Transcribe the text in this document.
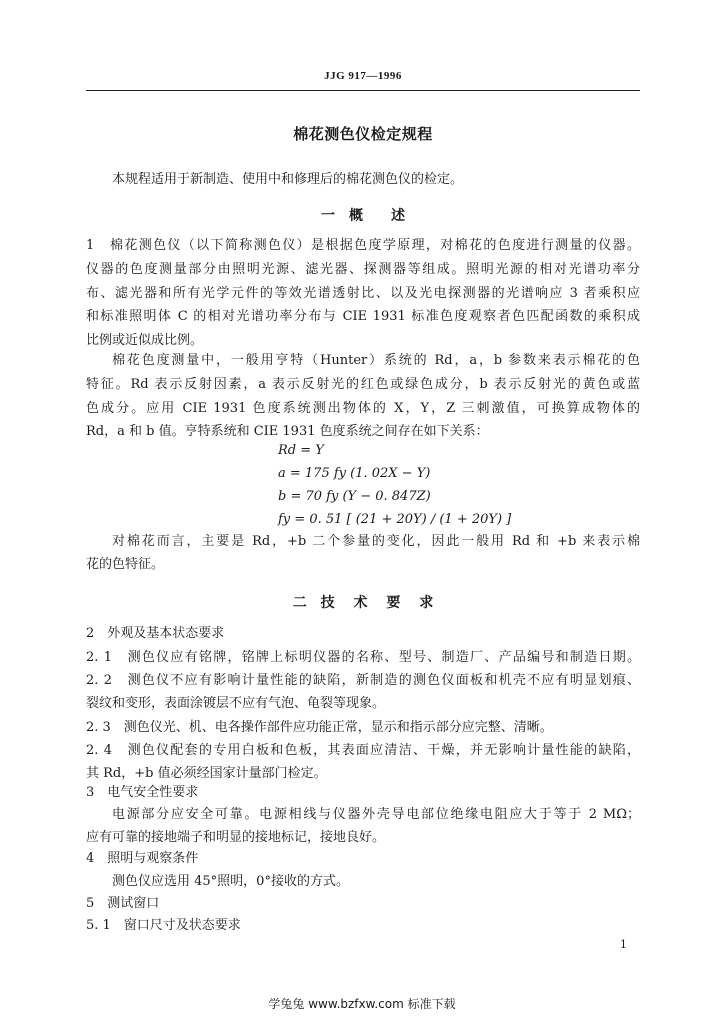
JJG 917—1996
棉花测色仪检定规程
本规程适用于新制造、使用中和修理后的棉花测色仪的检定。
一　概　　述
1　棉花测色仪（以下简称测色仪）是根据色度学原理，对棉花的色度进行测量的仪器。
仪器的色度测量部分由照明光源、滤光器、探测器等组成。照明光源的相对光谱功率分
布、滤光器和所有光学元件的等效光谱透射比、以及光电探测器的光谱响应 3 者乘积应
和标准照明体 C 的相对光谱功率分布与 CIE 1931 标准色度观察者色匹配函数的乘积成
比例或近似成比例。
棉花色度测量中，一般用亨特（Hunter）系统的 Rd，a，b 参数来表示棉花的色
特征。Rd 表示反射因素，a 表示反射光的红色或绿色成分，b 表示反射光的黄色或蓝
色成分。应用 CIE 1931 色度系统测出物体的 X，Y，Z 三刺激值，可换算成物体的
Rd，a 和 b 值。亨特系统和 CIE 1931 色度系统之间存在如下关系：
Rd = Y
a = 175 fy (1. 02X − Y)
b = 70 fy (Y − 0. 847Z)
fy = 0. 51 [ (21 + 20Y) / (1 + 20Y) ]
对棉花而言，主要是 Rd，+b 二个参量的变化，因此一般用 Rd 和 +b 来表示棉
花的色特征。
二　技 术 要 求
2　外观及基本状态要求
2. 1　测色仪应有铭牌，铭牌上标明仪器的名称、型号、制造厂、产品编号和制造日期。
2. 2　测色仪不应有影响计量性能的缺陷，新制造的测色仪面板和机壳不应有明显划痕、
裂纹和变形，表面涂镀层不应有气泡、龟裂等现象。
2. 3　测色仪光、机、电各操作部件应功能正常，显示和指示部分应完整、清晰。
2. 4　测色仪配套的专用白板和色板，其表面应清洁、干燥，并无影响计量性能的缺陷，
其 Rd，+b 值必须经国家计量部门检定。
3　电气安全性要求
电源部分应安全可靠。电源相线与仪器外壳导电部位绝缘电阻应大于等于 2 MΩ；
应有可靠的接地端子和明显的接地标记，接地良好。
4　照明与观察条件
测色仪应选用 45°照明，0°接收的方式。
5　测试窗口
5. 1　窗口尺寸及状态要求
1
学兔兔 www.bzfxw.com 标准下载
